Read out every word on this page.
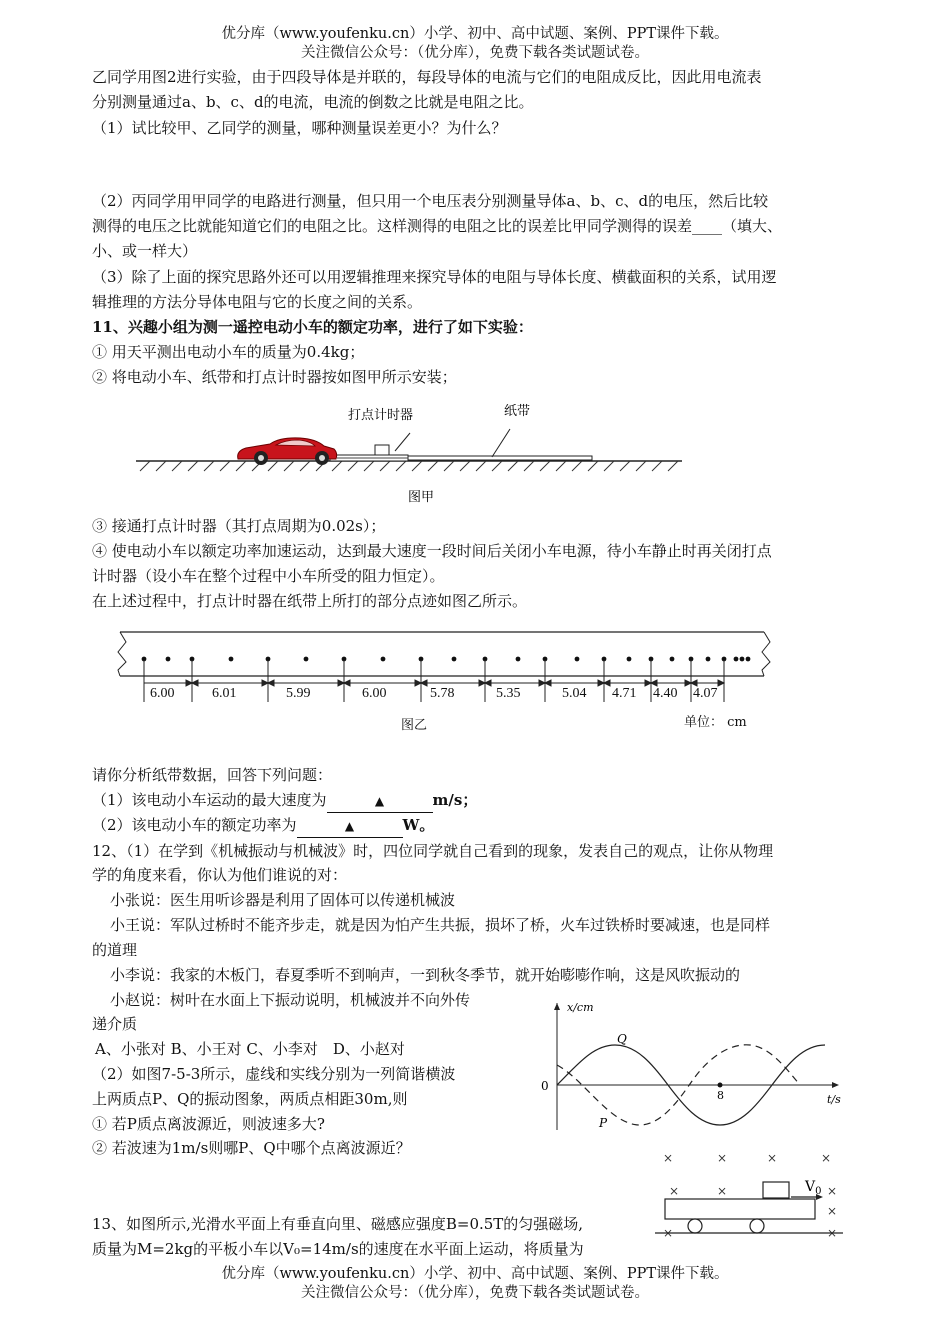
优分库（www.youfenku.cn）小学、初中、高中试题、案例、PPT课件下载。
关注微信公众号：（优分库），免费下载各类试题试卷。
乙同学用图2进行实验，由于四段导体是并联的，每段导体的电流与它们的电阻成反比，因此用电流表
分别测量通过a、b、c、d的电流，电流的倒数之比就是电阻之比。
（1）试比较甲、乙同学的测量，哪种测量误差更小？为什么？
（2）丙同学用甲同学的电路进行测量，但只用一个电压表分别测量导体a、b、c、d的电压，然后比较
测得的电压之比就能知道它们的电阻之比。这样测得的电阻之比的误差比甲同学测得的误差____（填大、
小、或一样大）
（3）除了上面的探究思路外还可以用逻辑推理来探究导体的电阻与导体长度、横截面积的关系，试用逻
辑推理的方法分导体电阻与它的长度之间的关系。
11、兴趣小组为测一遥控电动小车的额定功率，进行了如下实验：
① 用天平测出电动小车的质量为0.4kg；
② 将电动小车、纸带和打点计时器按如图甲所示安装；
打点计时器	纸带
图甲
③ 接通打点计时器（其打点周期为0.02s）；
④ 使电动小车以额定功率加速运动，达到最大速度一段时间后关闭小车电源，待小车静止时再关闭打点
计时器（设小车在整个过程中小车所受的阻力恒定）。
在上述过程中，打点计时器在纸带上所打的部分点迹如图乙所示。
6.00	6.01	5.99	6.00	5.78	5.35	5.04 4.71 4.40 4.07
图乙	单位： cm
请你分析纸带数据，回答下列问题：
（1）该电动小车运动的最大速度为	▲	m/s；
（2）该电动小车的额定功率为	▲	W。
12、（1）在学到《机械振动与机械波》时，四位同学就自己看到的现象，发表自己的观点，让你从物理
学的角度来看，你认为他们谁说的对：
小张说：医生用听诊器是利用了固体可以传递机械波
小王说：军队过桥时不能齐步走，就是因为怕产生共振，损坏了桥，火车过铁桥时要减速，也是同样
的道理
小李说：我家的木板门，春夏季听不到响声，一到秋冬季节，就开始嘭嘭作响，这是风吹振动的
小赵说：树叶在水面上下振动说明，机械波并不向外传
递介质
A、小张对 B、小王对 C、小李对　D、小赵对
（2）如图7-5-3所示，虚线和实线分别为一列简谐横波
上两质点P、Q的振动图象，两质点相距30m,则
① 若P质点离波源近，则波速多大?
② 若波速为1m/s则哪P、Q中哪个点离波源近？
x/cm
t/s
0
8
Q
P
×	×	×	×
×	×	×
×
×	×
$V_0$
13、如图所示,光滑水平面上有垂直向里、磁感应强度B=0.5T的匀强磁场,
质量为M=2kg的平板小车以V₀=14m/s的速度在水平面上运动，将质量为
优分库（www.youfenku.cn）小学、初中、高中试题、案例、PPT课件下载。
关注微信公众号：（优分库），免费下载各类试题试卷。
